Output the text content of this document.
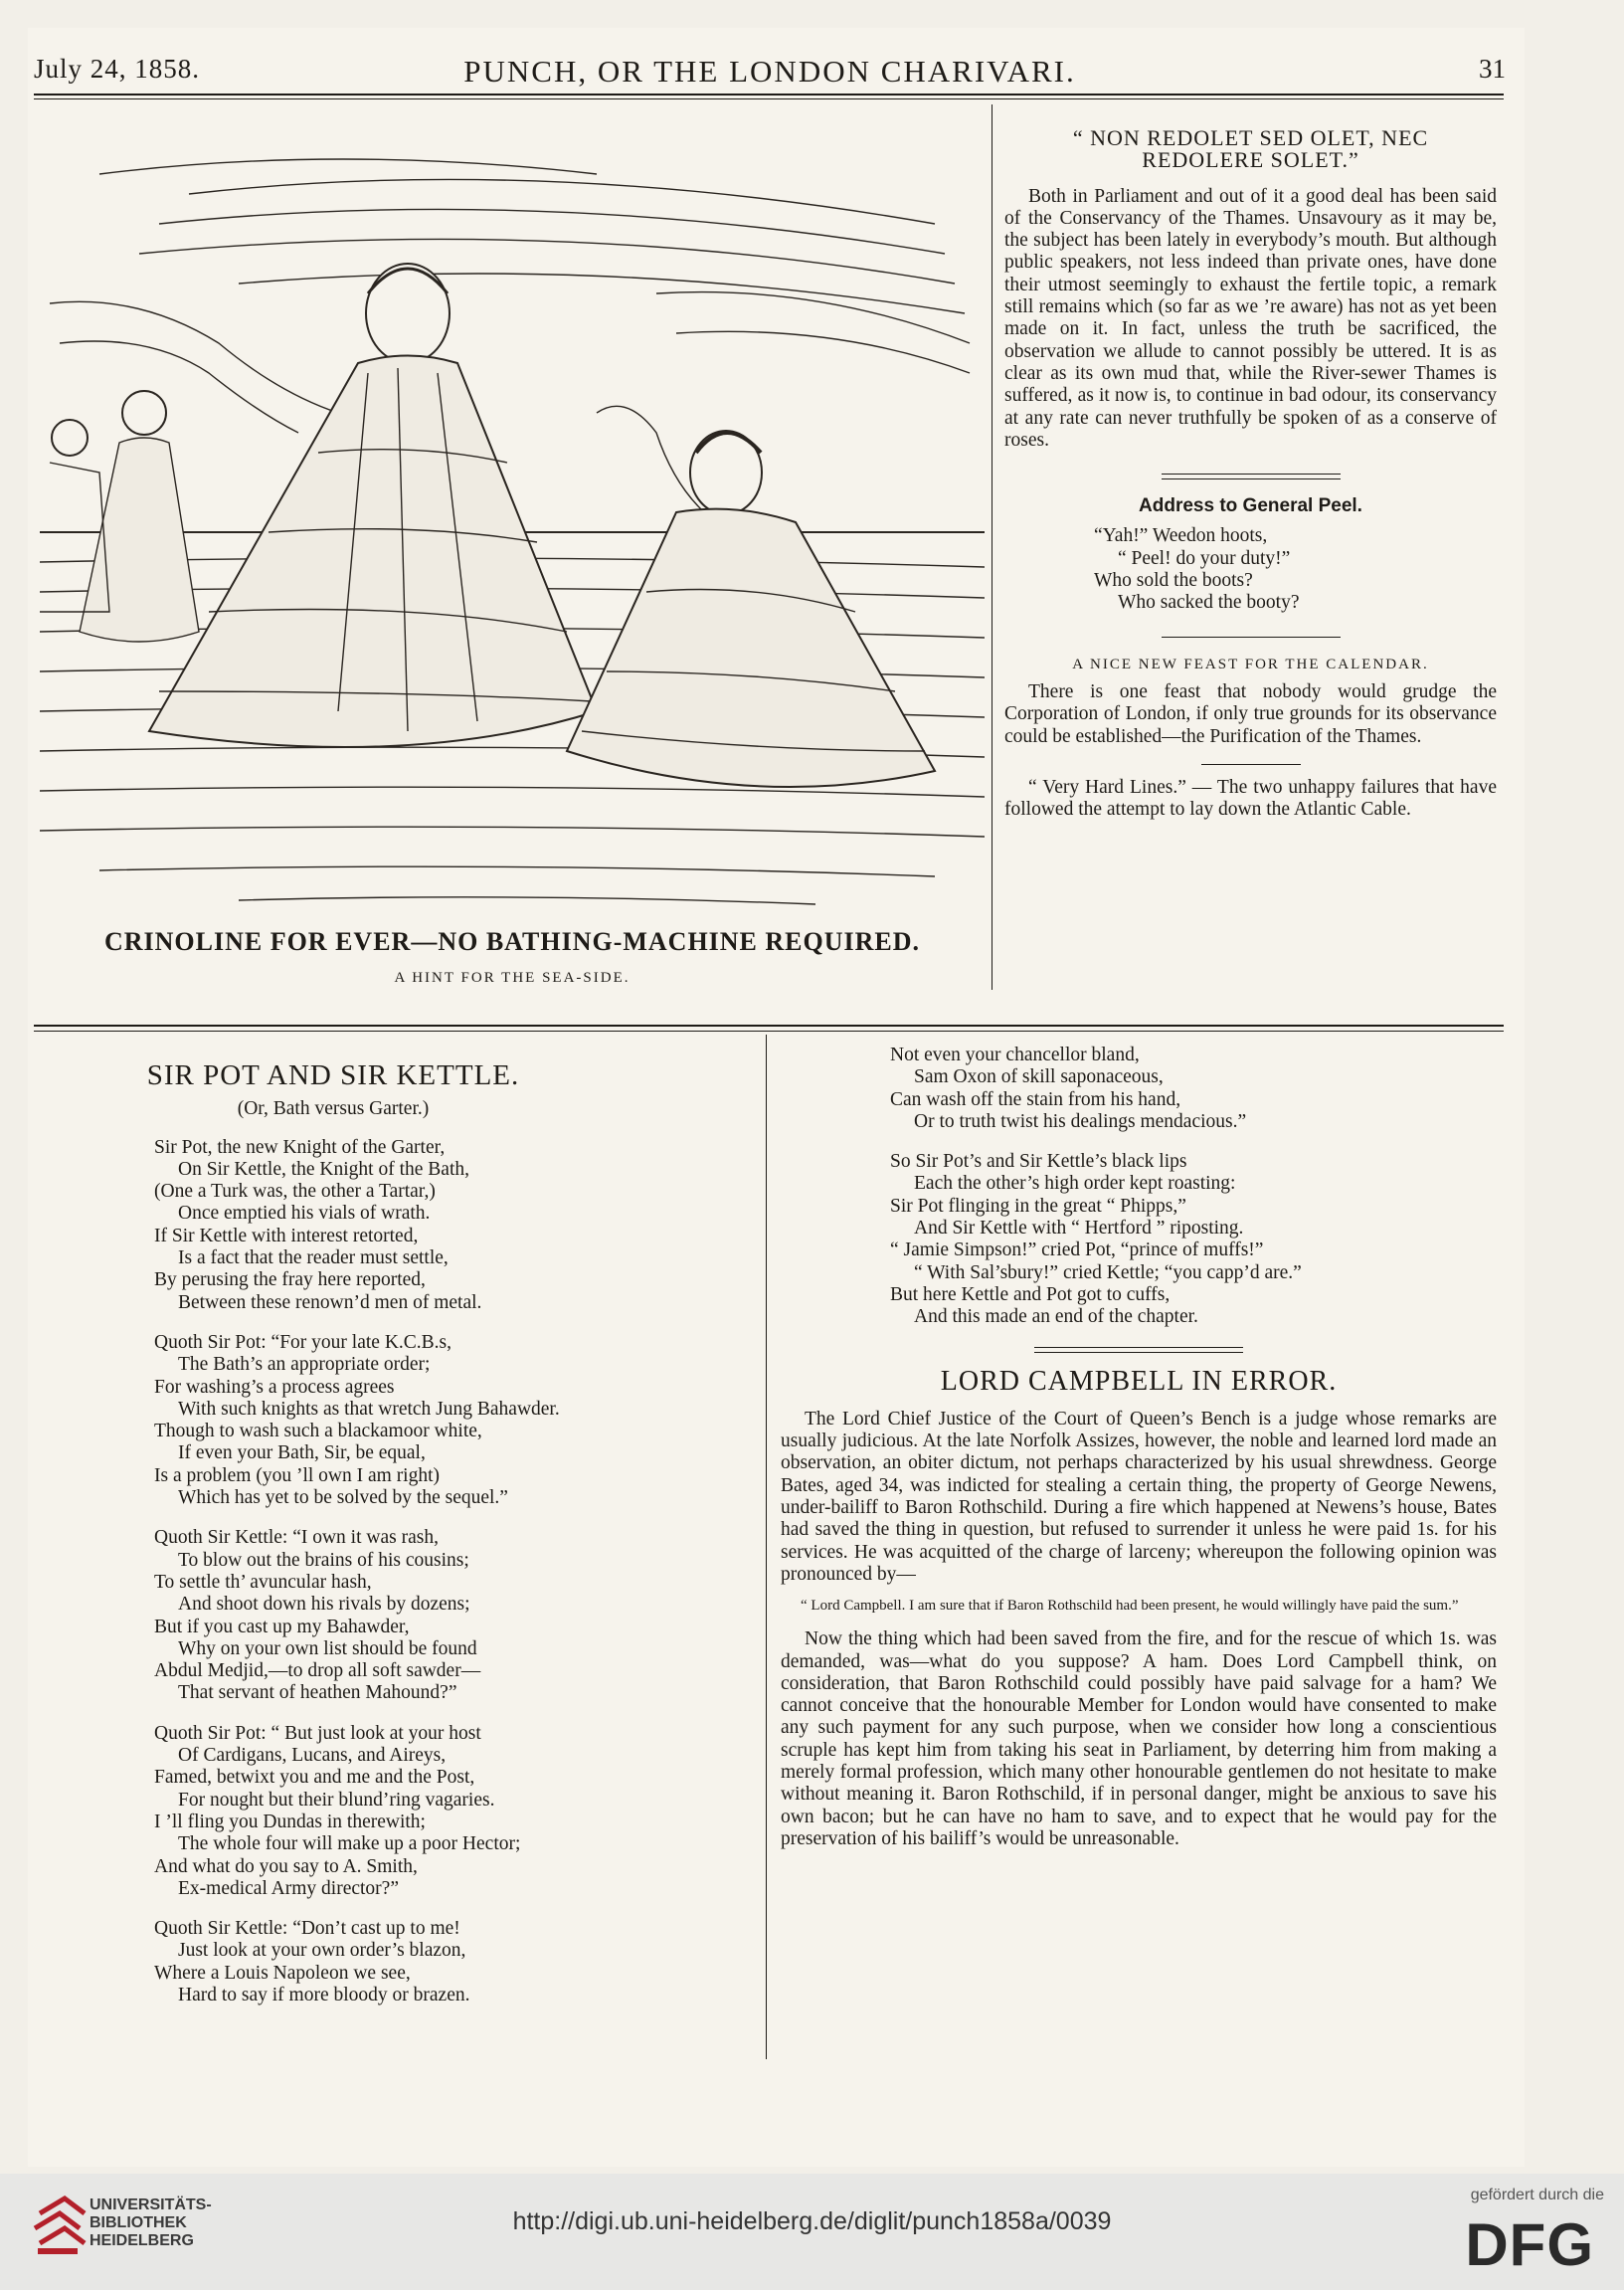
July 24, 1858.	PUNCH, OR THE LONDON CHARIVARI.	31
CRINOLINE FOR EVER—NO BATHING-MACHINE REQUIRED.
A HINT FOR THE SEA-SIDE.
“ NON REDOLET SED OLET, NEC
REDOLERE SOLET.”
Both in Parliament and out of it a good deal has been said of the Conservancy of the Thames. Unsavoury as it may be, the subject has been lately in everybody’s mouth. But although public speakers, not less indeed than private ones, have done their utmost seemingly to exhaust the fertile topic, a remark still remains which (so far as we ’re aware) has not as yet been made on it. In fact, unless the truth be sacrificed, the observation we allude to cannot possibly be uttered. It is as clear as its own mud that, while the River-sewer Thames is suffered, as it now is, to continue in bad odour, its conservancy at any rate can never truthfully be spoken of as a conserve of roses.
Address to General Peel.
“Yah!” Weedon hoots,
“ Peel! do your duty!”
Who sold the boots?
Who sacked the booty?
A NICE NEW FEAST FOR THE CALENDAR.
There is one feast that nobody would grudge the Corporation of London, if only true grounds for its observance could be established—the Purification of the Thames.
“ Very Hard Lines.” — The two unhappy failures that have followed the attempt to lay down the Atlantic Cable.
SIR POT AND SIR KETTLE.
(Or, Bath versus Garter.)
Sir Pot, the new Knight of the Garter,
On Sir Kettle, the Knight of the Bath,
(One a Turk was, the other a Tartar,)
Once emptied his vials of wrath.
If Sir Kettle with interest retorted,
Is a fact that the reader must settle,
By perusing the fray here reported,
Between these renown’d men of metal.
Quoth Sir Pot: “For your late K.C.B.s,
The Bath’s an appropriate order;
For washing’s a process agrees
With such knights as that wretch Jung Bahawder.
Though to wash such a blackamoor white,
If even your Bath, Sir, be equal,
Is a problem (you ’ll own I am right)
Which has yet to be solved by the sequel.”
Quoth Sir Kettle: “I own it was rash,
To blow out the brains of his cousins;
To settle th’ avuncular hash,
And shoot down his rivals by dozens;
But if you cast up my Bahawder,
Why on your own list should be found
Abdul Medjid,—to drop all soft sawder—
That servant of heathen Mahound?”
Quoth Sir Pot: “ But just look at your host
Of Cardigans, Lucans, and Aireys,
Famed, betwixt you and me and the Post,
For nought but their blund’ring vagaries.
I ’ll fling you Dundas in therewith;
The whole four will make up a poor Hector;
And what do you say to A. Smith,
Ex-medical Army director?”
Quoth Sir Kettle: “Don’t cast up to me!
Just look at your own order’s blazon,
Where a Louis Napoleon we see,
Hard to say if more bloody or brazen.
Not even your chancellor bland,
Sam Oxon of skill saponaceous,
Can wash off the stain from his hand,
Or to truth twist his dealings mendacious.”
So Sir Pot’s and Sir Kettle’s black lips
Each the other’s high order kept roasting:
Sir Pot flinging in the great “ Phipps,”
And Sir Kettle with “ Hertford ” riposting.
“ Jamie Simpson!” cried Pot, “prince of muffs!”
“ With Sal’sbury!” cried Kettle; “you capp’d are.”
But here Kettle and Pot got to cuffs,
And this made an end of the chapter.
LORD CAMPBELL IN ERROR.
The Lord Chief Justice of the Court of Queen’s Bench is a judge whose remarks are usually judicious. At the late Norfolk Assizes, however, the noble and learned lord made an observation, an obiter dictum, not perhaps characterized by his usual shrewdness. George Bates, aged 34, was indicted for stealing a certain thing, the property of George Newens, under-bailiff to Baron Rothschild. During a fire which happened at Newens’s house, Bates had saved the thing in question, but refused to surrender it unless he were paid 1s. for his services. He was acquitted of the charge of larceny; whereupon the following opinion was pronounced by—
“ Lord Campbell. I am sure that if Baron Rothschild had been present, he would willingly have paid the sum.”
Now the thing which had been saved from the fire, and for the rescue of which 1s. was demanded, was—what do you suppose? A ham. Does Lord Campbell think, on consideration, that Baron Rothschild could possibly have paid salvage for a ham? We cannot conceive that the honourable Member for London would have consented to make any such payment for any such purpose, when we consider how long a conscientious scruple has kept him from taking his seat in Parliament, by deterring him from making a merely formal profession, which many other honourable gentlemen do not hesitate to make without meaning it. Baron Rothschild, if in personal danger, might be anxious to save his own bacon; but he can have no ham to save, and to expect that he would pay for the preservation of his bailiff’s would be unreasonable.
UNIVERSITÄTS-
BIBLIOTHEK
HEIDELBERG
http://digi.ub.uni-heidelberg.de/diglit/punch1858a/0039
gefördert durch die
DFG
